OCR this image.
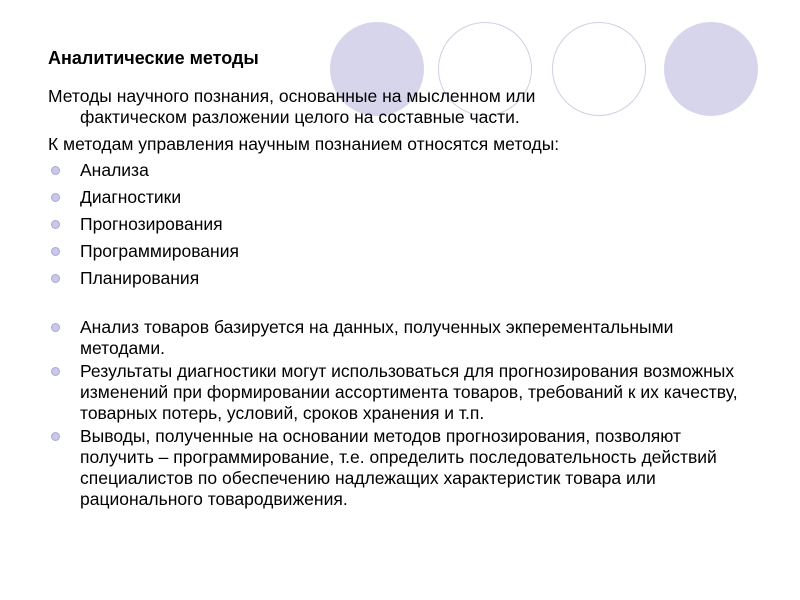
Аналитические методы

Методы научного познания, основанные на мысленном или
фактическом разложении целого на составные части.

К методам управления научным познанием относятся методы:

Анализа
Диагностики
Прогнозирования
Программирования
Планирования
Анализ товаров базируется на данных, полученных экперементальными методами.
Результаты диагностики могут использоваться для прогнозирования возможных изменений при формировании ассортимента товаров, требований к их качеству, товарных потерь, условий, сроков хранения и т.п.
Выводы, полученные на основании методов прогнозирования, позволяют получить – программирование, т.е. определить последовательность действий специалистов по обеспечению надлежащих характеристик товара или рационального товародвижения.
